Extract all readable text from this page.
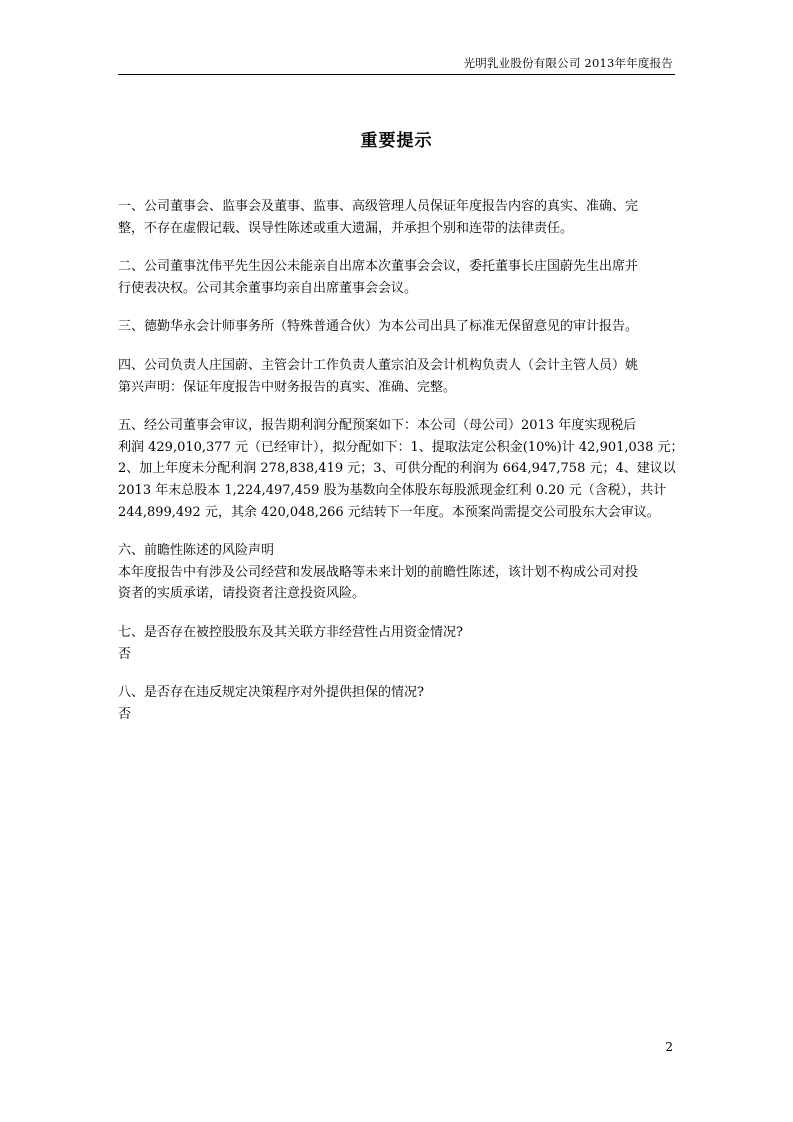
光明乳业股份有限公司 2013年年度报告
重要提示

一、公司董事会、监事会及董事、监事、高级管理人员保证年度报告内容的真实、准确、完
整，不存在虚假记载、误导性陈述或重大遗漏，并承担个别和连带的法律责任。

二、公司董事沈伟平先生因公未能亲自出席本次董事会会议，委托董事长庄国蔚先生出席并
行使表决权。公司其余董事均亲自出席董事会会议。

三、德勤华永会计师事务所（特殊普通合伙）为本公司出具了标准无保留意见的审计报告。

四、公司负责人庄国蔚、主管会计工作负责人董宗泊及会计机构负责人（会计主管人员）姚
第兴声明：保证年度报告中财务报告的真实、准确、完整。

五、经公司董事会审议，报告期利润分配预案如下：本公司（母公司）2013 年度实现税后
利润 429,010,377 元（已经审计），拟分配如下：1、提取法定公积金(10%)计 42,901,038 元；
2、加上年度未分配利润 278,838,419 元；3、可供分配的利润为 664,947,758 元；4、建议以
2013 年末总股本 1,224,497,459 股为基数向全体股东每股派现金红利 0.20 元（含税），共计
244,899,492 元，其余 420,048,266 元结转下一年度。本预案尚需提交公司股东大会审议。

六、前瞻性陈述的风险声明
本年度报告中有涉及公司经营和发展战略等未来计划的前瞻性陈述，该计划不构成公司对投
资者的实质承诺，请投资者注意投资风险。

七、是否存在被控股股东及其关联方非经营性占用资金情况?
否

八、是否存在违反规定决策程序对外提供担保的情况?
否

2
